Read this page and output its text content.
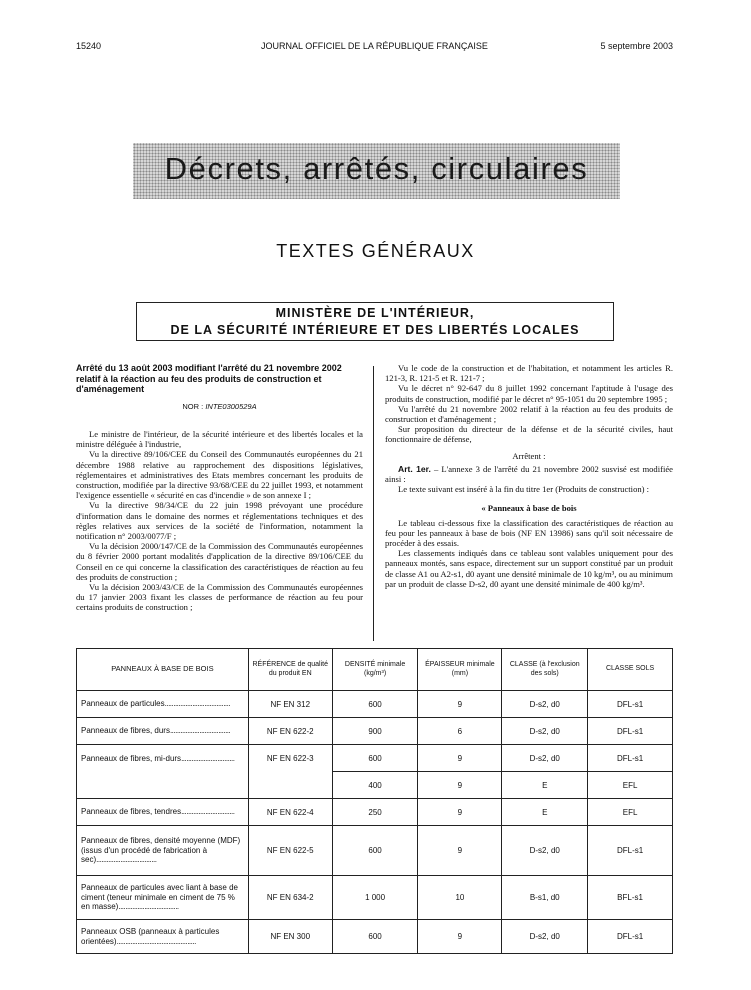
15240	JOURNAL OFFICIEL DE LA RÉPUBLIQUE FRANÇAISE	5 septembre 2003
Décrets, arrêtés, circulaires
TEXTES GÉNÉRAUX
MINISTÈRE DE L'INTÉRIEUR,
DE LA SÉCURITÉ INTÉRIEURE ET DES LIBERTÉS LOCALES
Arrêté du 13 août 2003 modifiant l'arrêté du 21 novembre 2002 relatif à la réaction au feu des produits de construction et d'aménagement
NOR : INTE0300529A
Le ministre de l'intérieur, de la sécurité intérieure et des libertés locales et la ministre déléguée à l'industrie,
Vu la directive 89/106/CEE du Conseil des Communautés européennes du 21 décembre 1988 relative au rapprochement des dispositions législatives, réglementaires et administratives des Etats membres concernant les produits de construction, modifiée par la directive 93/68/CEE du 22 juillet 1993, et notamment l'exigence essentielle « sécurité en cas d'incendie » de son annexe I ;
Vu la directive 98/34/CE du 22 juin 1998 prévoyant une procédure d'information dans le domaine des normes et réglementations techniques et des règles relatives aux services de la société de l'information, notamment la notification n° 2003/0077/F ;
Vu la décision 2000/147/CE de la Commission des Communautés européennes du 8 février 2000 portant modalités d'application de la directive 89/106/CEE du Conseil en ce qui concerne la classification des caractéristiques de réaction au feu des produits de construction ;
Vu la décision 2003/43/CE de la Commission des Communautés européennes du 17 janvier 2003 fixant les classes de performance de réaction au feu pour certains produits de construction ;
Vu le code de la construction et de l'habitation, et notamment les articles R. 121-3, R. 121-5 et R. 121-7 ;
Vu le décret n° 92-647 du 8 juillet 1992 concernant l'aptitude à l'usage des produits de construction, modifié par le décret n° 95-1051 du 20 septembre 1995 ;
Vu l'arrêté du 21 novembre 2002 relatif à la réaction au feu des produits de construction et d'aménagement ;
Sur proposition du directeur de la défense et de la sécurité civiles, haut fonctionnaire de défense,
Arrêtent :
Art. 1er. – L'annexe 3 de l'arrêté du 21 novembre 2002 susvisé est modifiée ainsi :
Le texte suivant est inséré à la fin du titre 1er (Produits de construction) :
« Panneaux à base de bois
Le tableau ci-dessous fixe la classification des caractéristiques de réaction au feu pour les panneaux à base de bois (NF EN 13986) sans qu'il soit nécessaire de procéder à des essais.
Les classements indiqués dans ce tableau sont valables uniquement pour des panneaux montés, sans espace, directement sur un support constitué par un produit de classe A1 ou A2-s1, d0 ayant une densité minimale de 10 kg/m³, ou au minimum par un produit de classe D-s2, d0 ayant une densité minimale de 400 kg/m³.
PANNEAUX À BASE DE BOIS	RÉFÉRENCE de qualité du produit EN	DENSITÉ minimale (kg/m³)	ÉPAISSEUR minimale (mm)	CLASSE (à l'exclusion des sols)	CLASSE SOLS
Panneaux de particules......................................	NF EN 312	600	9	D-s2, d0	DFL-s1
Panneaux de fibres, durs...................................	NF EN 622-2	900	6	D-s2, d0	DFL-s1
Panneaux de fibres, mi-durs...............................	NF EN 622-3	600	9	D-s2, d0	DFL-s1
		400	9	E	EFL
Panneaux de fibres, tendres...............................	NF EN 622-4	250	9	E	EFL
Panneaux de fibres, densité moyenne (MDF) (issus d'un procédé de fabrication à sec)...................................	NF EN 622-5	600	9	D-s2, d0	DFL-s1
Panneaux de particules avec liant à base de ciment (teneur minimale en ciment de 75 % en masse)...................................	NF EN 634-2	1 000	10	B-s1, d0	BFL-s1
Panneaux OSB (panneaux à particules orientées)..............................................	NF EN 300	600	9	D-s2, d0	DFL-s1
